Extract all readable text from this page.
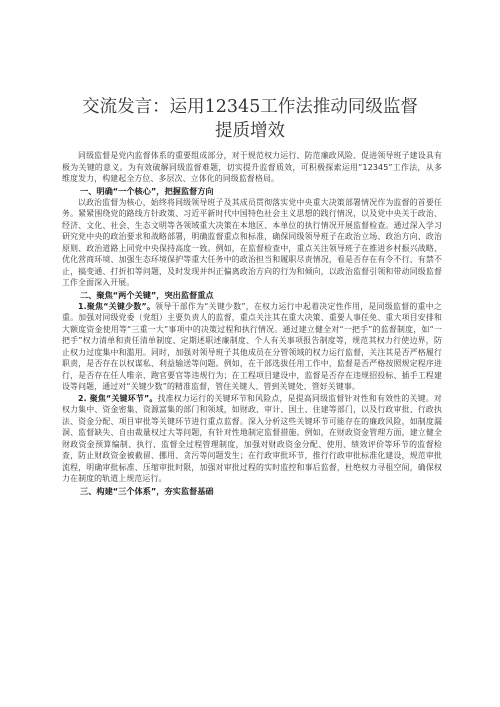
交流发言：运用12345工作法推动同级监督
提质增效

同级监督是党内监督体系的重要组成部分，对于规范权力运行、防范廉政风险、促进领导班子建设具有极为关键的意义。为有效破解同级监督难题，切实提升监督质效，可积极探索运用“12345”工作法，从多维度发力，构建起全方位、多层次、立体化的同级监督格局。

一、明确“一个核心”，把握监督方向

以政治监督为核心，始终将同级领导班子及其成员贯彻落实党中央重大决策部署情况作为监督的首要任务。紧紧围绕党的路线方针政策、习近平新时代中国特色社会主义思想的践行情况，以及党中央关于政治、经济、文化、社会、生态文明等各领域重大决策在本地区、本单位的执行情况开展监督检查。通过深入学习研究党中央的政治要求和战略部署，明确监督重点和标准，确保同级领导班子在政治立场、政治方向、政治原则、政治道路上同党中央保持高度一致。例如，在监督检查中，重点关注领导班子在推进乡村振兴战略、优化营商环境、加强生态环境保护等重大任务中的政治担当和履职尽责情况，看是否存在有令不行、有禁不止，搞变通、打折扣等问题，及时发现并纠正偏离政治方向的行为和倾向，以政治监督引领和带动同级监督工作全面深入开展。

二、聚焦“两个关键”，突出监督重点

1.聚焦“关键少数”。领导干部作为“关键少数”，在权力运行中起着决定性作用，是同级监督的重中之重。加强对同级党委（党组）主要负责人的监督，重点关注其在重大决策、重要人事任免、重大项目安排和大额度资金使用等“三重一大”事项中的决策过程和执行情况。通过建立健全对“一把手”的监督制度，如“一把手”权力清单和责任清单制度、定期述职述廉制度、个人有关事项报告制度等，规范其权力行使边界，防止权力过度集中和滥用。同时，加强对领导班子其他成员在分管领域的权力运行监督，关注其是否严格履行职责，是否存在以权谋私、利益输送等问题。例如，在干部选拔任用工作中，监督是否严格按照规定程序进行，是否存在任人唯亲、跑官要官等违规行为；在工程项目建设中，监督是否存在违规招投标、插手工程建设等问题，通过对“关键少数”的精准监督，管住关键人、管到关键处、管好关键事。

2. 聚焦“关键环节”。找准权力运行的关键环节和风险点，是提高同级监督针对性和有效性的关键。对权力集中、资金密集、资源富集的部门和领域，如财政、审计、国土、住建等部门，以及行政审批、行政执法、资金分配、项目审批等关键环节进行重点监督。深入分析这些关键环节可能存在的廉政风险，如制度漏洞、监督缺失、自由裁量权过大等问题，有针对性地制定监督措施。例如，在财政资金管理方面，建立健全财政资金预算编制、执行、监督全过程管理制度，加强对财政资金分配、使用、绩效评价等环节的监督检查，防止财政资金被截留、挪用、贪污等问题发生；在行政审批环节，推行行政审批标准化建设，规范审批流程，明确审批标准、压缩审批时限，加强对审批过程的实时监控和事后监督，杜绝权力寻租空间，确保权力在制度的轨道上规范运行。

三、构建“三个体系”，夯实监督基础
